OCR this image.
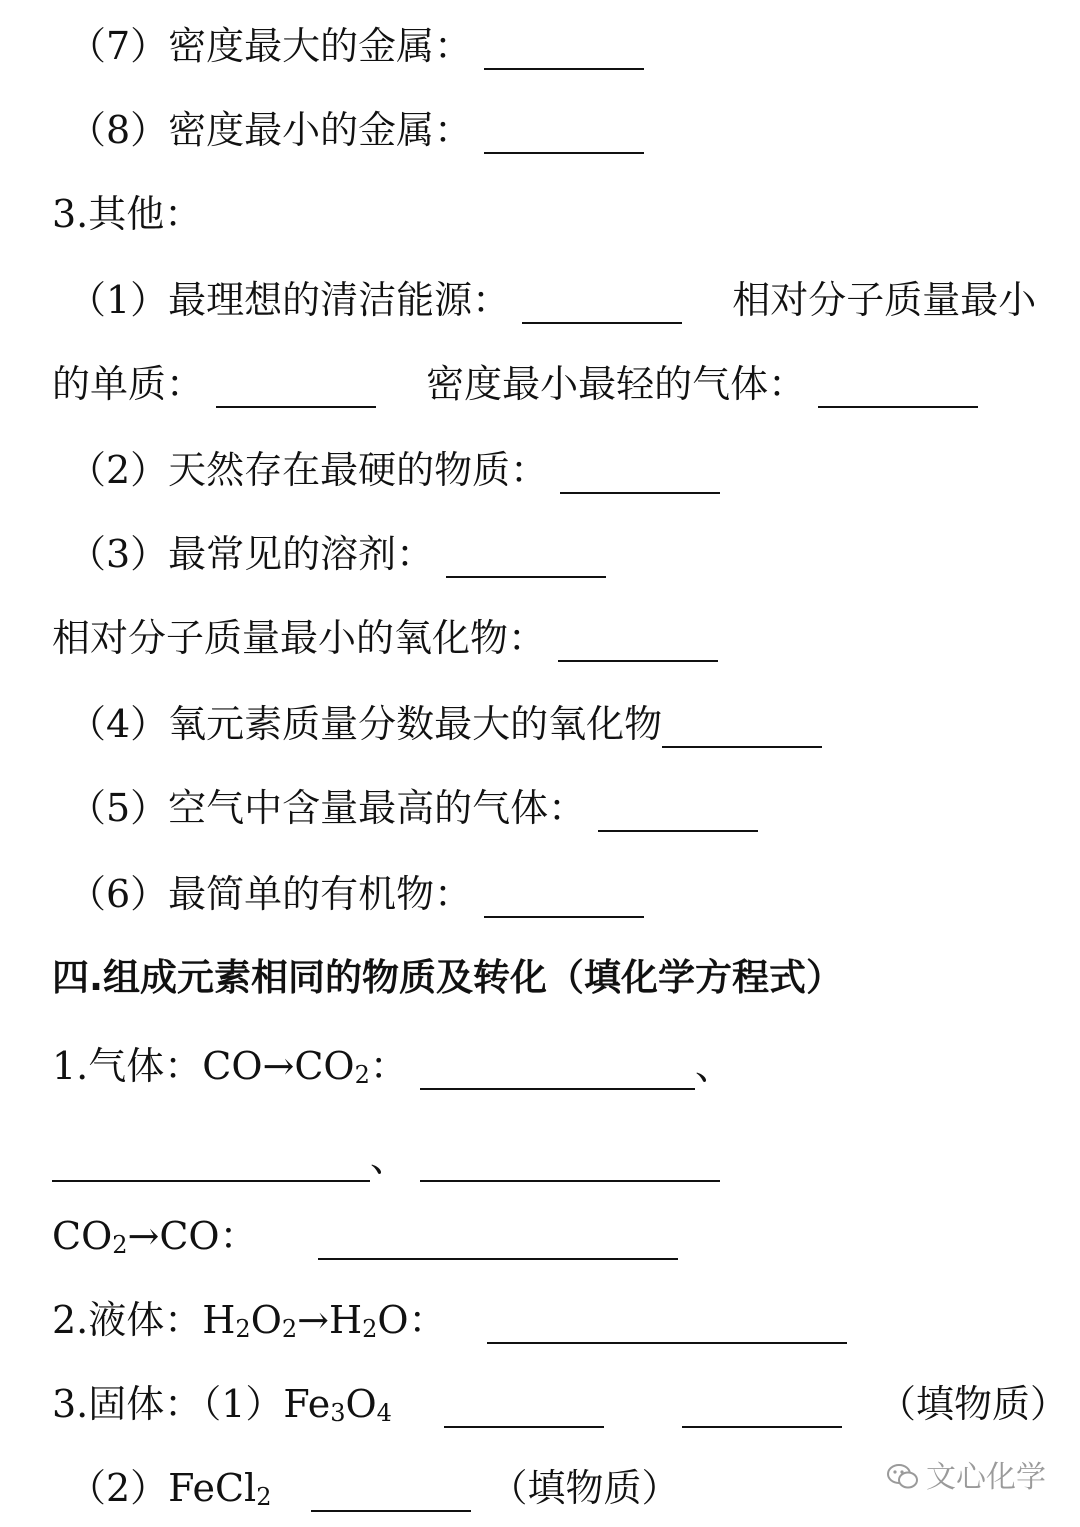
（7）密度最大的金属：
（8）密度最小的金属：
3.其他：
（1）最理想的清洁能源：	相对分子质量最小
的单质：	密度最小最轻的气体：
（2）天然存在最硬的物质：
（3）最常见的溶剂：
相对分子质量最小的氧化物：
（4）氧元素质量分数最大的氧化物
（5）空气中含量最高的气体：
（6）最简单的有机物：
四.组成元素相同的物质及转化（填化学方程式）
1.气体：$CO\to CO_2$：	、
、
$CO_2\to CO$：
2.液体：$H_2O_2\to H_2O$：
3.固体：$(1)Fe_3O_4$	（填物质）
（2）FeCl$_2$	（填物质）	文心化学
